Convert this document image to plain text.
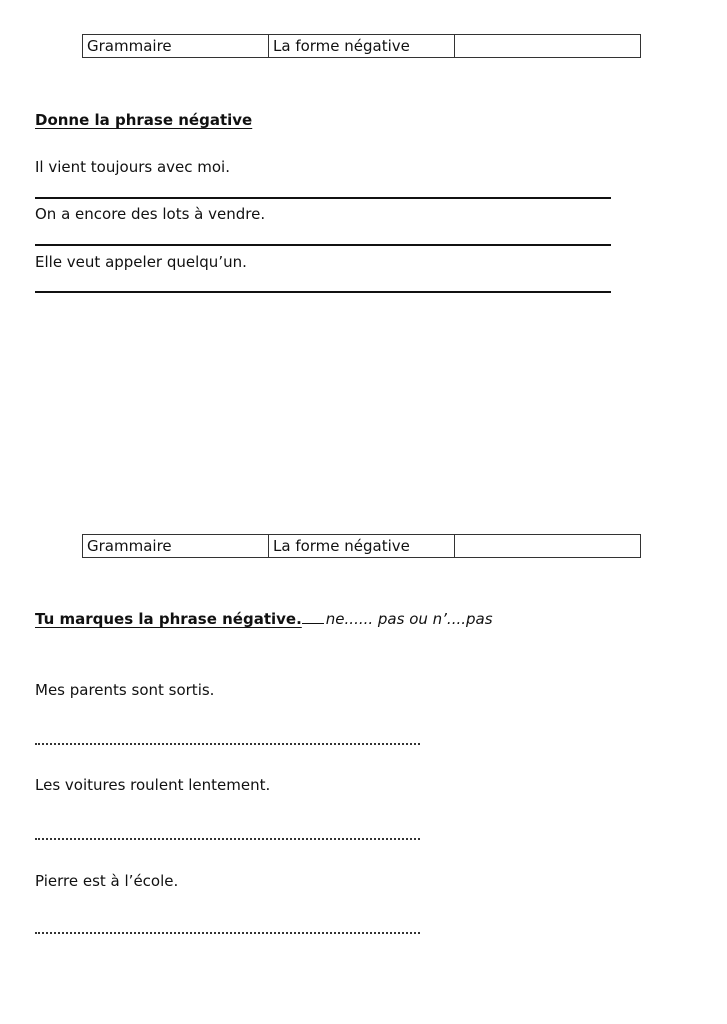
Grammaire	La forme négative	
Donne la phrase négative
Il vient toujours avec moi.
On a encore des lots à vendre.
Elle veut appeler quelqu’un.
Grammaire	La forme négative	
Tu marques la phrase négative. ne...... pas ou n’....pas
Mes parents sont sortis.
Les voitures roulent lentement.
Pierre est à l’école.
